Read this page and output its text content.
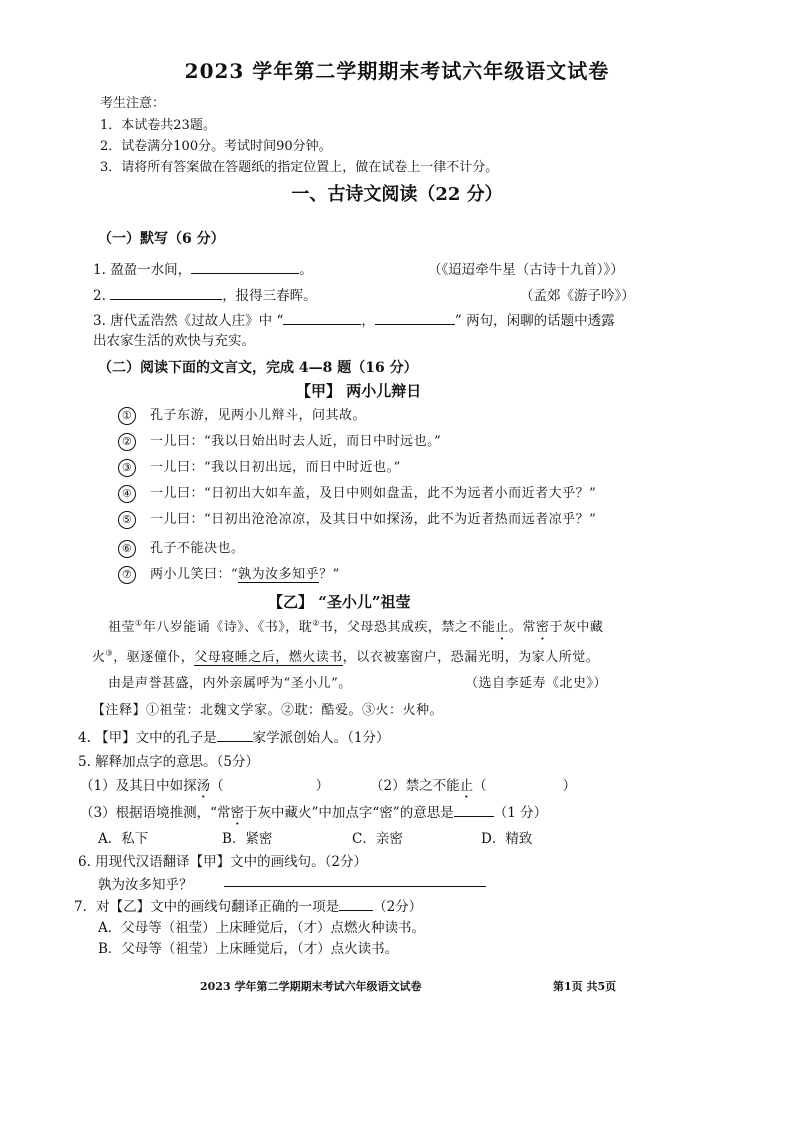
2023 学年第二学期期末考试六年级语文试卷
考生注意：
1．本试卷共23题。
2．试卷满分100分。考试时间90分钟。
3．请将所有答案做在答题纸的指定位置上，做在试卷上一律不计分。
一、古诗文阅读（22 分）
（一）默写（6 分）
1. 盈盈一水间，	。	（《迢迢牵牛星（古诗十九首）》）
2.	，报得三春晖。	（孟郊《游子吟》）
3. 唐代孟浩然《过故人庄》中 “	，	” 两句，闲聊的话题中透露
出农家生活的欢快与充实。
（二）阅读下面的文言文，完成 4—8 题（16 分）
【甲】 两小儿辩日
① 孔子东游，见两小儿辩斗，问其故。
② 一儿曰：“我以日始出时去人近，而日中时远也。”
③ 一儿曰：“我以日初出远，而日中时近也。”
④ 一儿曰：“日初出大如车盖，及日中则如盘盂，此不为远者小而近者大乎？”
⑤ 一儿曰：“日初出沧沧凉凉，及其日中如探汤，此不为近者热而远者凉乎？”
⑥ 孔子不能决也。
⑦ 两小儿笑曰：“孰为汝多知乎？”
【乙】 “圣小儿”祖莹
祖莹①年八岁能诵《诗》、《书》，耽②书，父母恐其成疾，禁之不能止。常密于灰中藏
火③，驱逐僮仆，父母寝睡之后，燃火读书，以衣被塞窗户，恐漏光明，为家人所觉。
由是声誉甚盛，内外亲属呼为“圣小儿”。	（选自李延寿《北史》）
【注释】①祖莹：北魏文学家。②耽：酷爱。③火：火种。
4. 【甲】文中的孔子是	家学派创始人。（1分）
5. 解释加点字的意思。（5分）
（1）及其日中如探汤（	）	（2）禁之不能止（	）
（3）根据语境推测，“常密于灰中藏火”中加点字“密”的意思是	（1 分）
A．私下	B．紧密	C．亲密	D．精致
6. 用现代汉语翻译【甲】文中的画线句。（2分）
孰为汝多知乎？
7．对【乙】文中的画线句翻译正确的一项是	（2分）
A．父母等（祖莹）上床睡觉后，（才）点燃火种读书。
B．父母等（祖莹）上床睡觉后，（才）点火读书。
2023 学年第二学期期末考试六年级语文试卷	第1页 共5页
